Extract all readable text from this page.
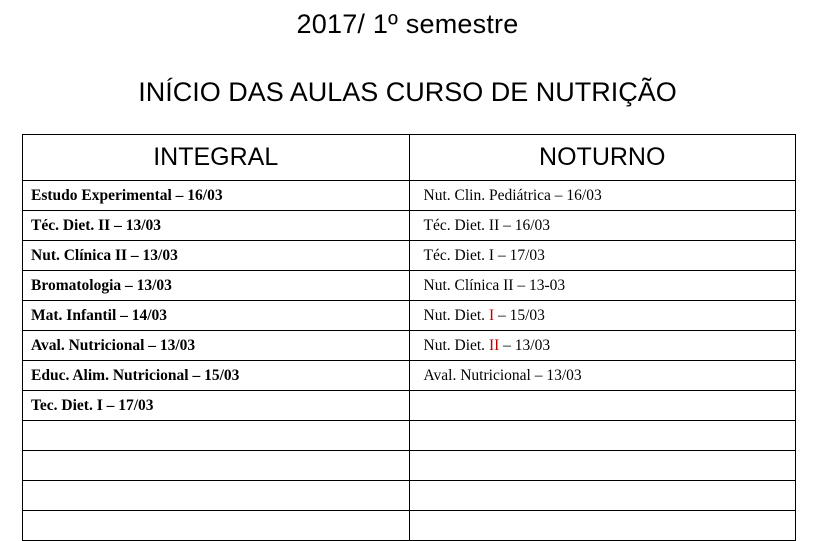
2017/ 1º semestre
INÍCIO DAS AULAS CURSO DE NUTRIÇÃO
INTEGRAL	NOTURNO
Estudo Experimental – 16/03	Nut. Clin. Pediátrica – 16/03
Téc. Diet. II – 13/03	Téc. Diet. II – 16/03
Nut. Clínica II – 13/03	Téc. Diet. I – 17/03
Bromatologia – 13/03	Nut. Clínica II – 13-03
Mat. Infantil – 14/03	Nut. Diet. I – 15/03
Aval. Nutricional – 13/03	Nut. Diet. II – 13/03
Educ. Alim. Nutricional – 15/03	Aval. Nutricional – 13/03
Tec. Diet. I – 17/03	
